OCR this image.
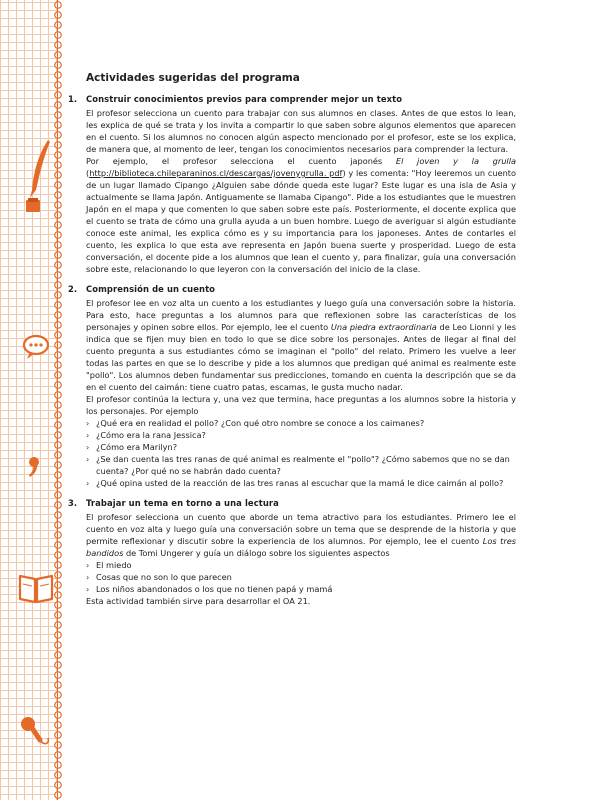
Actividades sugeridas del programa
1.	Construir conocimientos previos para comprender mejor un texto

El profesor selecciona un cuento para trabajar con sus alumnos en clases. Antes de que estos lo lean, les explica de qué se trata y los invita a compartir lo que saben sobre algunos elementos que aparecen en el cuento. Si los alumnos no conocen algún aspecto mencionado por el profesor, este se los explica, de manera que, al momento de leer, tengan los conocimientos necesarios para comprender la lectura.

Por ejemplo, el profesor selecciona el cuento japonés El joven y la grulla (http://biblioteca.chileparaninos.cl/descargas/jovenygrulla. pdf) y les comenta: "Hoy leeremos un cuento de un lugar llamado Cipango ¿Alguien sabe dónde queda este lugar? Este lugar es una isla de Asia y actualmente se llama Japón. Antiguamente se llamaba Cipango". Pide a los estudiantes que le muestren Japón en el mapa y que comenten lo que saben sobre este país. Posteriormente, el docente explica que el cuento se trata de cómo una grulla ayuda a un buen hombre. Luego de averiguar si algún estudiante conoce este animal, les explica cómo es y su importancia para los japoneses. Antes de contarles el cuento, les explica lo que esta ave representa en Japón buena suerte y prosperidad. Luego de esta conversación, el docente pide a los alumnos que lean el cuento y, para finalizar, guía una conversación sobre este, relacionando lo que leyeron con la conversación del inicio de la clase.

2.	Comprensión de un cuento

El profesor lee en voz alta un cuento a los estudiantes y luego guía una conversación sobre la historia. Para esto, hace preguntas a los alumnos para que reflexionen sobre las características de los personajes y opinen sobre ellos. Por ejemplo, lee el cuento Una piedra extraordinaria de Leo Lionni y les indica que se fijen muy bien en todo lo que se dice sobre los personajes. Antes de llegar al final del cuento pregunta a sus estudiantes cómo se imaginan el "pollo" del relato. Primero les vuelve a leer todas las partes en que se lo describe y pide a los alumnos que predigan qué animal es realmente este "pollo". Los alumnos deben fundamentar sus predicciones, tomando en cuenta la descripción que se da en el cuento del caimán: tiene cuatro patas, escamas, le gusta mucho nadar.

El profesor continúa la lectura y, una vez que termina, hace preguntas a los alumnos sobre la historia y los personajes. Por ejemplo

› ¿Qué era en realidad el pollo? ¿Con qué otro nombre se conoce a los caimanes?
› ¿Cómo era la rana Jessica?
› ¿Cómo era Marilyn?
› ¿Se dan cuenta las tres ranas de qué animal es realmente el "pollo"? ¿Cómo sabemos que no se dan cuenta? ¿Por qué no se habrán dado cuenta?
› ¿Qué opina usted de la reacción de las tres ranas al escuchar que la mamá le dice caimán al pollo?
3.	Trabajar un tema en torno a una lectura

El profesor selecciona un cuento que aborde un tema atractivo para los estudiantes. Primero lee el cuento en voz alta y luego guía una conversación sobre un tema que se desprende de la historia y que permite reflexionar y discutir sobre la experiencia de los alumnos. Por ejemplo, lee el cuento Los tres bandidos de Tomi Ungerer y guía un diálogo sobre los siguientes aspectos

› El miedo
› Cosas que no son lo que parecen
› Los niños abandonados o los que no tienen papá y mamá

Esta actividad también sirve para desarrollar el OA 21.
